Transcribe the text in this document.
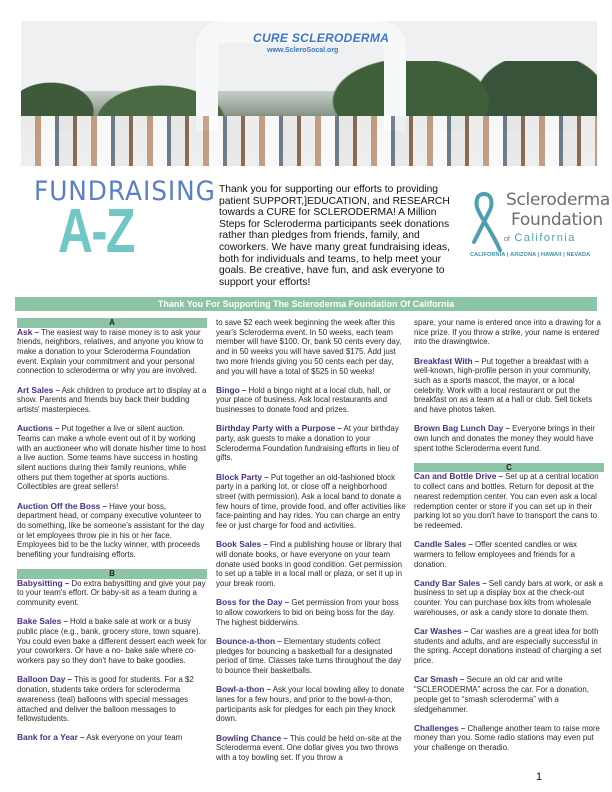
CURE SCLERODERMA
www.ScleroSocal.org
FUNDRAISING
A-Z
Thank you for supporting our efforts to providing patient SUPPORT,]EDUCATION, and RESEARCH towards a CURE for SCLERODERMA! A Million Steps for Scleroderma participants seek donations rather than pledges from friends, family, and coworkers. We have many great fundraising ideas, both for individuals and teams, to help meet your goals. Be creative, have fun, and ask everyone to support your efforts!
Scleroderma
Foundation
of California
CALIFORNIA | ARIZONA | HAWAII | NEVADA
Thank You For Supporting The Scleroderma Foundation Of California
A
Ask – The easiest way to raise money is to ask your friends, neighbors, relatives, and anyone you know to make a donation to your Scleroderma Foundation event. Explain your commitment and your personal connection to scleroderma or why you are involved.
Art Sales – Ask children to produce art to display at a show. Parents and friends buy back their budding artists' masterpieces.
Auctions – Put together a live or silent auction. Teams can make a whole event out of it by working with an auctioneer who will donate his/her time to host a live auction. Some teams have success in hosting silent auctions during their family reunions, while others put them together at sports auctions. Collectibles are great sellers!
Auction Off the Boss – Have your boss, department head, or company executive volunteer to do something, like be someone's assistant for the day or let employees throw pie in his or her face. Employees bid to be the lucky winner, with proceeds benefiting your fundraising efforts.
B
Babysitting – Do extra babysitting and give your pay to your team's effort. Or baby-sit as a team during a community event.
Bake Sales – Hold a bake sale at work or a busy public place (e.g., bank, grocery store, town square). You could even bake a different dessert each week for your coworkers. Or have a no- bake sale where co-workers pay so they don't have to bake goodies.
Balloon Day – This is good for students. For a $2 donation, students take orders for scleroderma awareness (teal) balloons with special messages attached and deliver the balloon messages to fellowstudents.
Bank for a Year – Ask everyone on your team
to save $2 each week beginning the week after this year's Scleroderma event. In 50 weeks, each team member will have $100. Or, bank 50 cents every day, and in 50 weeks you will have saved $175. Add just two more friends giving you 50 cents each per day, and you will have a total of $525 in 50 weeks!
Bingo – Hold a bingo night at a local club, hall, or your place of business. Ask local restaurants and businesses to donate food and prizes.
Birthday Party with a Purpose – At your birthday party, ask guests to make a donation to your Scleroderma Foundation fundraising efforts in lieu of gifts.
Block Party – Put together an old-fashioned block party in a parking lot, or close off a neighborhood street (with permission). Ask a local band to donate a few hours of time, provide food, and offer activities like face-painting and hay rides. You can charge an entry fee or just charge for food and activities.
Book Sales – Find a publishing house or library that will donate books, or have everyone on your team donate used books in good condition. Get permission to set up a table in a local mall or plaza, or set it up in your break room.
Boss for the Day – Get permission from your boss to allow coworkers to bid on being boss for the day. The highest bidderwins.
Bounce-a-thon – Elementary students collect pledges for bouncing a basketball for a designated period of time. Classes take turns throughout the day to bounce their basketballs.
Bowl-a-thon – Ask your local bowling alley to donate lanes for a few hours, and prior to the bowl-a-thon, participants ask for pledges for each pin they knock down.
Bowling Chance – This could be held on-site at the Scleroderma event. One dollar gives you two throws with a toy bowling set. If you throw a
spare, your name is entered once into a drawing for a nice prize. If you throw a strike, your name is entered into the drawingtwice.
Breakfast With – Put together a breakfast with a well-known, high-profile person in your community, such as a sports mascot, the mayor, or a local celebrity. Work with a local restaurant or put the breakfast on as a team at a hall or club. Sell tickets and have photos taken.
Brown Bag Lunch Day – Everyone brings in their own lunch and donates the money they would have spent tothe Scleroderma event fund.
C
Can and Bottle Drive – Set up at a central location to collect cans and bottles. Return for deposit at the nearest redemption center. You can even ask a local redemption center or store if you can set up in their parking lot so you don't have to transport the cans to be redeemed.
Candle Sales – Offer scented candles or wax warmers to fellow employees and friends for a donation.
Candy Bar Sales – Sell candy bars at work, or ask a business to set up a display box at the check-out counter. You can purchase box kits from wholesale warehouses, or ask a candy store to donate them.
Car Washes – Car washes are a great idea for both students and adults, and are especially successful in the spring. Accept donations instead of charging a set price.
Car Smash – Secure an old car and write “SCLERODERMA” across the car. For a donation, people get to “smash scleroderma” with a sledgehammer.
Challenges – Challenge another team to raise more money than you. Some radio stations may even put your challenge on theradio.
1
